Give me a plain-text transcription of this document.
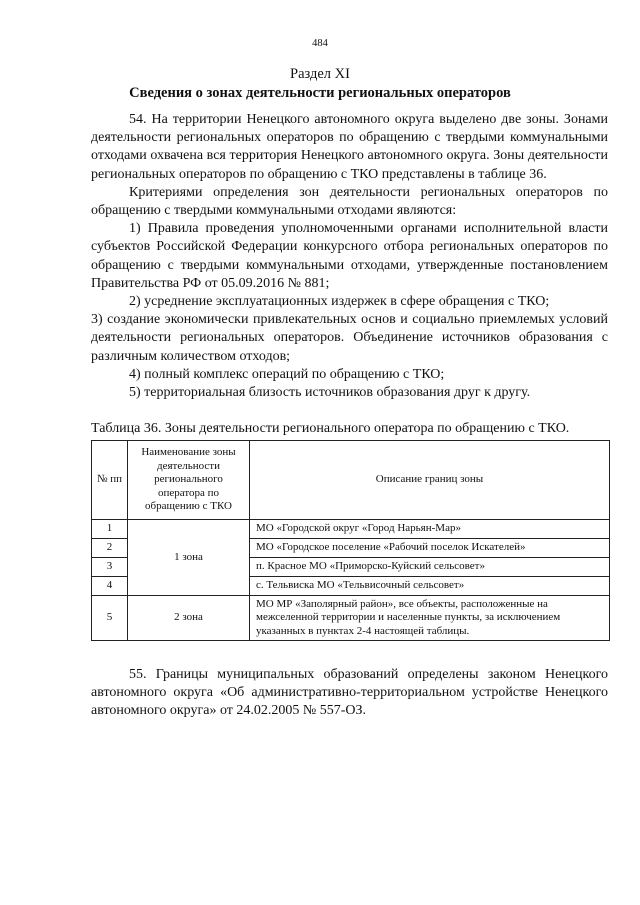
484
Раздел XI
Сведения о зонах деятельности региональных операторов

54. На территории Ненецкого автономного округа выделено две зоны. Зонами деятельности региональных операторов по обращению с твердыми коммунальными отходами охвачена вся территория Ненецкого автономного округа. Зоны деятельности региональных операторов по обращению с ТКО представлены в таблице 36.

Критериями определения зон деятельности региональных операторов по обращению с твердыми коммунальными отходами являются:

1) Правила проведения уполномоченными органами исполнительной власти субъектов Российской Федерации конкурсного отбора региональных операторов по обращению с твердыми коммунальными отходами, утвержденные постановлением Правительства РФ от 05.09.2016 № 881;

2) усреднение эксплуатационных издержек в сфере обращения с ТКО;

3) создание экономически привлекательных основ и социально приемлемых условий деятельности региональных операторов. Объединение источников образования с различным количеством отходов;

4) полный комплекс операций по обращению с ТКО;

5) территориальная близость источников образования друг к другу.

Таблица 36. Зоны деятельности регионального оператора по обращению с ТКО.
№ пп	Наименование зоны деятельности регионального оператора по обращению с ТКО	Описание границ зоны
1	1 зона	МО «Городской округ «Город Нарьян-Мар»
2		МО «Городское поселение «Рабочий поселок Искателей»
3		п. Красное МО «Приморско-Куйский сельсовет»
4		с. Тельвиска МО «Тельвисочный сельсовет»
5	2 зона	МО МР «Заполярный район», все объекты, расположенные на межселенной территории и населенные пункты, за исключением указанных в пунктах 2-4 настоящей таблицы.

55. Границы муниципальных образований определены законом Ненецкого автономного округа «Об административно-территориальном устройстве Ненецкого автономного округа» от 24.02.2005 № 557-ОЗ.
